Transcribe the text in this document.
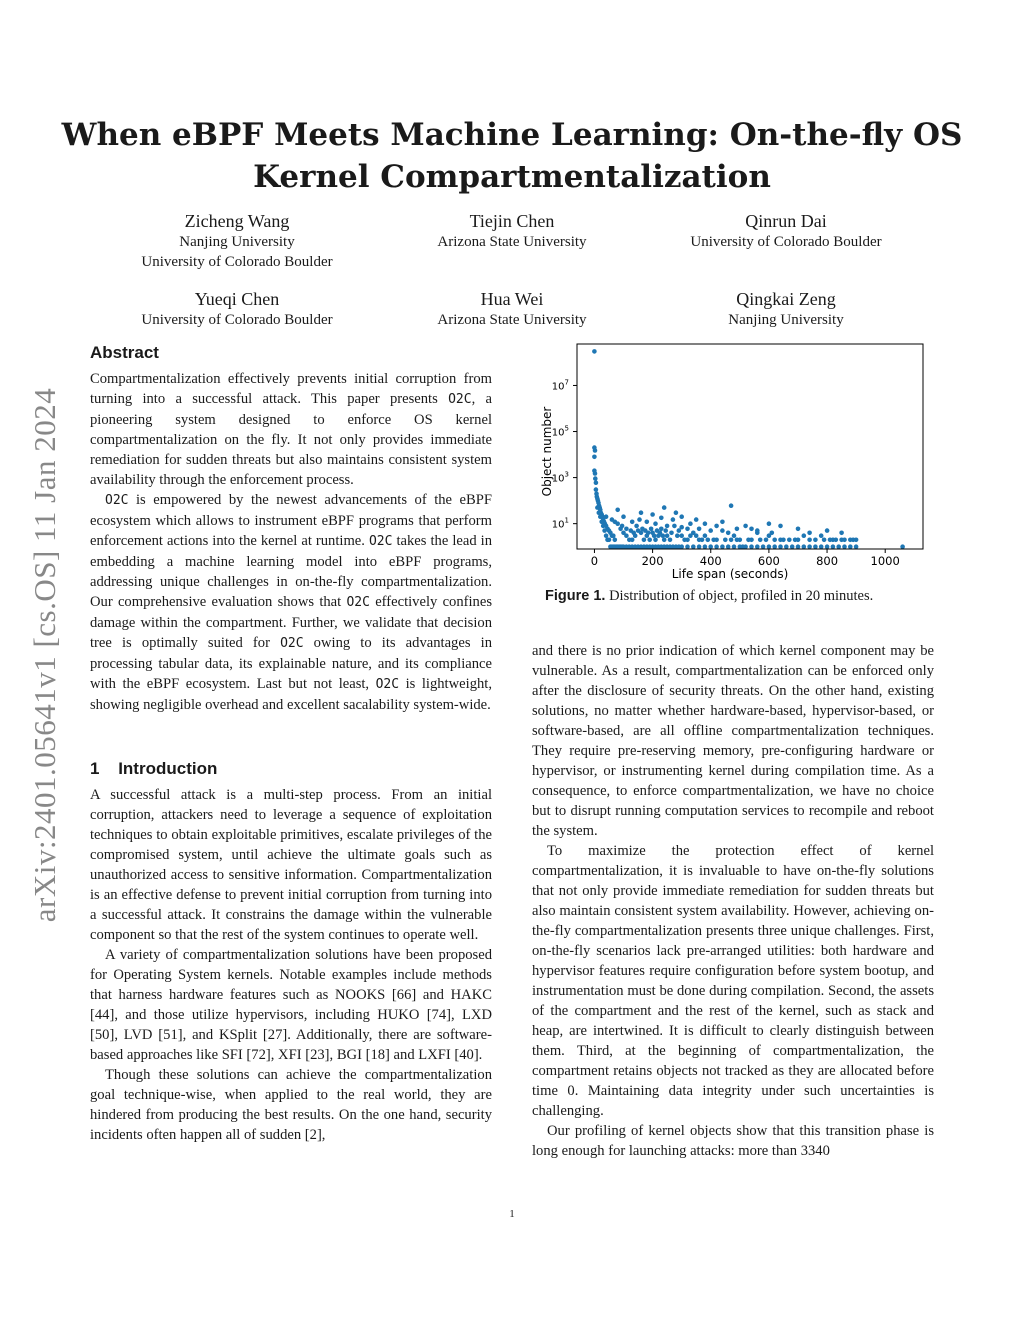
arXiv:2401.05641v1 [cs.OS] 11 Jan 2024
When eBPF Meets Machine Learning: On-the-fly OS Kernel Compartmentalization
Zicheng Wang
Nanjing University
University of Colorado Boulder
Tiejin Chen
Arizona State University
Qinrun Dai
University of Colorado Boulder
Yueqi Chen
University of Colorado Boulder
Hua Wei
Arizona State University
Qingkai Zeng
Nanjing University
Abstract

Compartmentalization effectively prevents initial corruption from turning into a successful attack. This paper presents O2C, a pioneering system designed to enforce OS kernel compartmentalization on the fly. It not only provides immediate remediation for sudden threats but also maintains consistent system availability through the enforcement process.

O2C is empowered by the newest advancements of the eBPF ecosystem which allows to instrument eBPF programs that perform enforcement actions into the kernel at runtime. O2C takes the lead in embedding a machine learning model into eBPF programs, addressing unique challenges in on-the-fly compartmentalization. Our comprehensive evaluation shows that O2C effectively confines damage within the compartment. Further, we validate that decision tree is optimally suited for O2C owing to its advantages in processing tabular data, its explainable nature, and its compliance with the eBPF ecosystem. Last but not least, O2C is lightweight, showing negligible overhead and excellent sacalability system-wide.

1 Introduction

A successful attack is a multi-step process. From an initial corruption, attackers need to leverage a sequence of exploitation techniques to obtain exploitable primitives, escalate privileges of the compromised system, until achieve the ultimate goals such as unauthorized access to sensitive information. Compartmentalization is an effective defense to prevent initial corruption from turning into a successful attack. It constrains the damage within the vulnerable component so that the rest of the system continues to operate well.

A variety of compartmentalization solutions have been proposed for Operating System kernels. Notable examples include methods that harness hardware features such as NOOKS [66] and HAKC [44], and those utilize hypervisors, including HUKO [74], LXD [50], LVD [51], and KSplit [27]. Additionally, there are software-based approaches like SFI [72], XFI [23], BGI [18] and LXFI [40].

Though these solutions can achieve the compartmentalization goal technique-wise, when applied to the real world, they are hindered from producing the best results. On the one hand, security incidents often happen all of sudden [2],

0	200	400	600	800	1000
$10^1$
$10^3$
$10^5$
$10^7$
Life span (seconds)
Object number
Figure 1. Distribution of object, profiled in 20 minutes.

and there is no prior indication of which kernel component may be vulnerable. As a result, compartmentalization can be enforced only after the disclosure of security threats. On the other hand, existing solutions, no matter whether hardware-based, hypervisor-based, or software-based, are all offline compartmentalization techniques. They require pre-reserving memory, pre-configuring hardware or hypervisor, or instrumenting kernel during compilation time. As a consequence, to enforce compartmentalization, we have no choice but to disrupt running computation services to recompile and reboot the system.

To maximize the protection effect of kernel compartmentalization, it is invaluable to have on-the-fly solutions that not only provide immediate remediation for sudden threats but also maintain consistent system availability. However, achieving on-the-fly compartmentalization presents three unique challenges. First, on-the-fly scenarios lack pre-arranged utilities: both hardware and hypervisor features require configuration before system bootup, and instrumentation must be done during compilation. Second, the assets of the compartment and the rest of the kernel, such as stack and heap, are intertwined. It is difficult to clearly distinguish between them. Third, at the beginning of compartmentalization, the compartment retains objects not tracked as they are allocated before time 0. Maintaining data integrity under such uncertainties is challenging.

Our profiling of kernel objects show that this transition phase is long enough for launching attacks: more than 3340

1
